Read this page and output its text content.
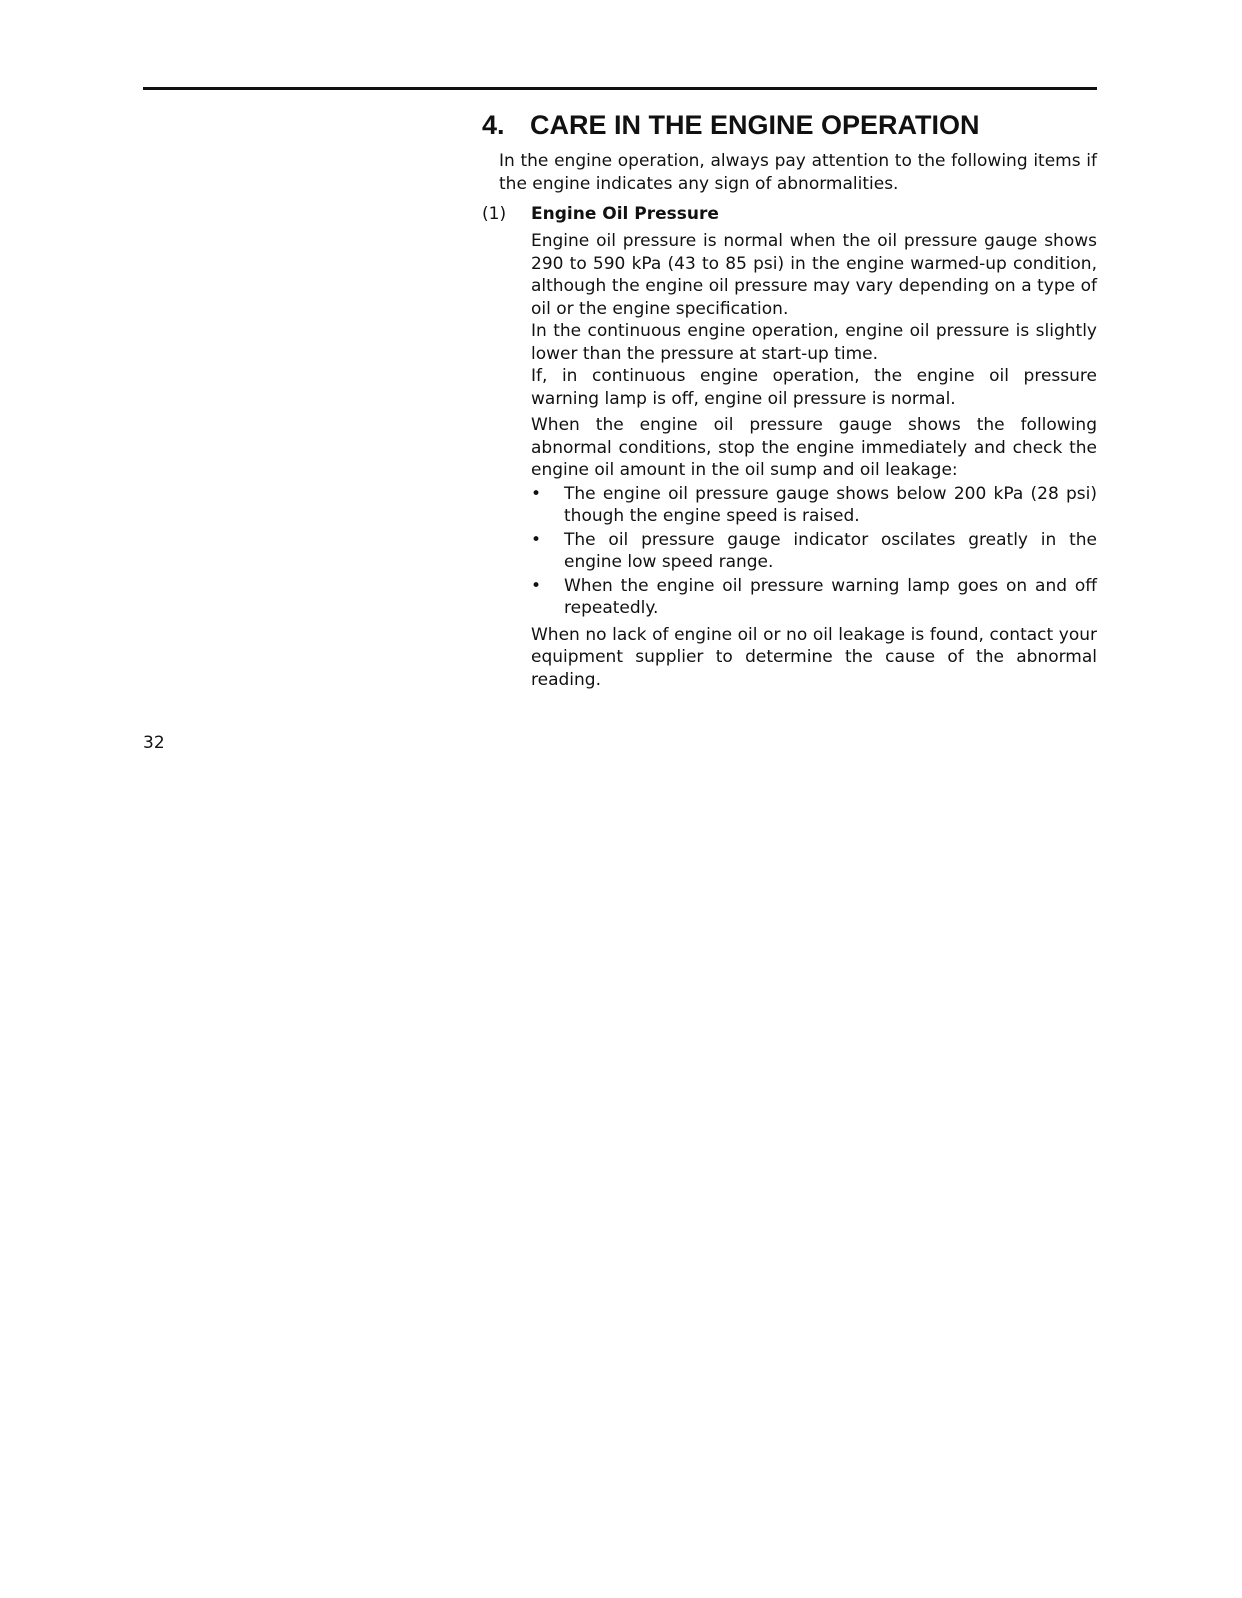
4. CARE IN THE ENGINE OPERATION

In the engine operation, always pay attention to the following items if the engine indicates any sign of abnormalities.

(1) Engine Oil Pressure

Engine oil pressure is normal when the oil pressure gauge shows 290 to 590 kPa (43 to 85 psi) in the engine warmed-up condition, although the engine oil pressure may vary depending on a type of oil or the engine specification.

In the continuous engine operation, engine oil pressure is slightly lower than the pressure at start-up time.

If, in continuous engine operation, the engine oil pressure warning lamp is off, engine oil pressure is normal.

When the engine oil pressure gauge shows the following abnormal conditions, stop the engine immediately and check the engine oil amount in the oil sump and oil leakage:

• The engine oil pressure gauge shows below 200 kPa (28 psi) though the engine speed is raised.
• The oil pressure gauge indicator oscilates greatly in the engine low speed range.
• When the engine oil pressure warning lamp goes on and off repeatedly.

When no lack of engine oil or no oil leakage is found, contact your equipment supplier to determine the cause of the abnormal reading.

32
